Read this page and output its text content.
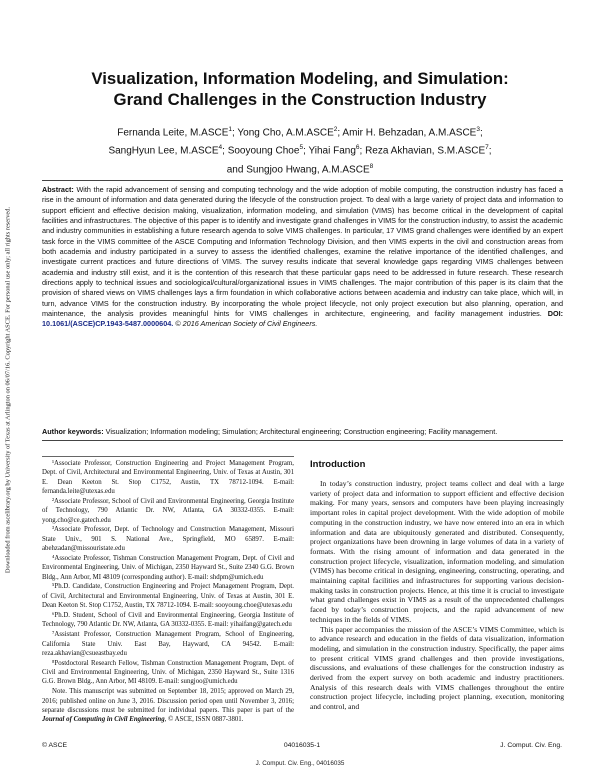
Downloaded from ascelibrary.org by University of Texas at Arlington on 06/07/16. Copyright ASCE. For personal use only; all rights reserved.
Visualization, Information Modeling, and Simulation:
Grand Challenges in the Construction Industry
Fernanda Leite, M.ASCE$^1$; Yong Cho, A.M.ASCE$^2$; Amir H. Behzadan, A.M.ASCE$^3$;
SangHyun Lee, M.ASCE$^4$; Sooyoung Choe$^5$; Yihai Fang$^6$; Reza Akhavian, S.M.ASCE$^7$;
and Sungjoo Hwang, A.M.ASCE$^8$
Abstract: With the rapid advancement of sensing and computing technology and the wide adoption of mobile computing, the construction industry has faced a rise in the amount of information and data generated during the lifecycle of the construction project. To deal with a large variety of project data and information to support efficient and effective decision making, visualization, information modeling, and simulation (VIMS) has become critical in the development of capital facilities and infrastructures. The objective of this paper is to identify and investigate grand challenges in VIMS for the construction industry, to assist the academic and industry communities in establishing a future research agenda to solve VIMS challenges. In particular, 17 VIMS grand challenges were identified by an expert task force in the VIMS committee of the ASCE Computing and Information Technology Division, and then VIMS experts in the civil and construction areas from both academia and industry participated in a survey to assess the identified challenges, examine the relative importance of the identified challenges, and investigate current practices and future directions of VIMS. The survey results indicate that several knowledge gaps regarding VIMS challenges between academia and industry still exist, and it is the contention of this research that these particular gaps need to be addressed in future research. These research directions apply to technical issues and sociological/cultural/organizational issues in VIMS challenges. The major contribution of this paper is its claim that the provision of shared views on VIMS challenges lays a firm foundation in which collaborative actions between academia and industry can take place, which will, in turn, advance VIMS for the construction industry. By incorporating the whole project lifecycle, not only project execution but also planning, operation, and maintenance, the analysis provides meaningful hints for VIMS challenges in architecture, engineering, and facility management industries. DOI: 10.1061/(ASCE)CP.1943-5487.0000604. © 2016 American Society of Civil Engineers.
Author keywords: Visualization; Information modeling; Simulation; Architectural engineering; Construction engineering; Facility management.

¹Associate Professor, Construction Engineering and Project Management Program, Dept. of Civil, Architectural and Environmental Engineering, Univ. of Texas at Austin, 301 E. Dean Keeton St. Stop C1752, Austin, TX 78712-1094. E-mail: fernanda.leite@utexas.edu

²Associate Professor, School of Civil and Environmental Engineering, Georgia Institute of Technology, 790 Atlantic Dr. NW, Atlanta, GA 30332-0355. E-mail: yong.cho@ce.gatech.edu

³Associate Professor, Dept. of Technology and Construction Management, Missouri State Univ., 901 S. National Ave., Springfield, MO 65897. E-mail: abehzadan@missouristate.edu

⁴Associate Professor, Tishman Construction Management Program, Dept. of Civil and Environmental Engineering, Univ. of Michigan, 2350 Hayward St., Suite 2340 G.G. Brown Bldg., Ann Arbor, MI 48109 (corresponding author). E-mail: shdpm@umich.edu

⁵Ph.D. Candidate, Construction Engineering and Project Management Program, Dept. of Civil, Architectural and Environmental Engineering, Univ. of Texas at Austin, 301 E. Dean Keeton St. Stop C1752, Austin, TX 78712-1094. E-mail: sooyoung.choe@utexas.edu

⁶Ph.D. Student, School of Civil and Environmental Engineering, Georgia Institute of Technology, 790 Atlantic Dr. NW, Atlanta, GA 30332-0355. E-mail: yihaifang@gatech.edu

⁷Assistant Professor, Construction Management Program, School of Engineering, California State Univ. East Bay, Hayward, CA 94542. E-mail: reza.akhavian@csueastbay.edu

⁸Postdoctoral Research Fellow, Tishman Construction Management Program, Dept. of Civil and Environmental Engineering, Univ. of Michigan, 2350 Hayward St., Suite 1316 G.G. Brown Bldg., Ann Arbor, MI 48109. E-mail: sungjoo@umich.edu

Note. This manuscript was submitted on September 18, 2015; approved on March 29, 2016; published online on June 3, 2016. Discussion period open until November 3, 2016; separate discussions must be submitted for individual papers. This paper is part of the Journal of Computing in Civil Engineering, © ASCE, ISSN 0887-3801.

Introduction

In today’s construction industry, project teams collect and deal with a large variety of project data and information to support efficient and effective decision making. For many years, sensors and computers have been playing increasingly important roles in capital project development. With the wide adoption of mobile computing in the construction industry, we have now entered into an era in which information and data are ubiquitously generated and distributed. Consequently, project organizations have been drowning in large volumes of data in a variety of formats. With the rising amount of information and data generated in the construction project lifecycle, visualization, information modeling, and simulation (VIMS) has become critical in designing, engineering, constructing, operating, and maintaining capital facilities and infrastructures for supporting various decision-making tasks in construction projects. Hence, at this time it is crucial to investigate what grand challenges exist in VIMS as a result of the unprecedented challenges faced by today’s construction projects, and the rapid advancement of new techniques in the fields of VIMS.

This paper accompanies the mission of the ASCE’s VIMS Committee, which is to advance research and education in the fields of data visualization, information modeling, and simulation in the construction industry. Specifically, the paper aims to present critical VIMS grand challenges and then provide investigations, discussions, and evaluations of these challenges for the construction industry as derived from the expert survey on both academic and industry practitioners. Analysis of this research deals with VIMS challenges throughout the entire construction project lifecycle, including project planning, execution, monitoring and control, and

© ASCE	04016035-1	J. Comput. Civ. Eng.
J. Comput. Civ. Eng., 04016035
